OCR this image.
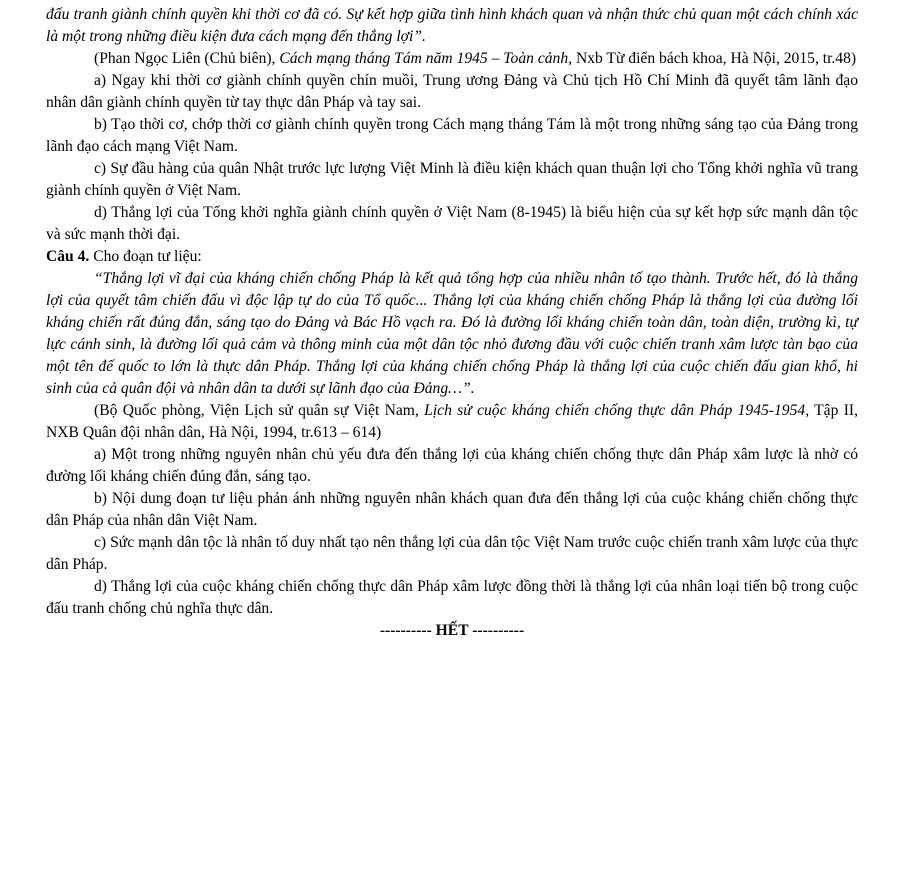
đấu tranh giành chính quyền khi thời cơ đã có. Sự kết hợp giữa tình hình khách quan và nhận thức chủ quan một cách chính xác là một trong những điều kiện đưa cách mạng đến thắng lợi”.

(Phan Ngọc Liên (Chủ biên), Cách mạng tháng Tám năm 1945 – Toàn cảnh, Nxb Từ điển bách khoa, Hà Nội, 2015, tr.48)

a) Ngay khi thời cơ giành chính quyền chín muồi, Trung ương Đảng và Chủ tịch Hồ Chí Minh đã quyết tâm lãnh đạo nhân dân giành chính quyền từ tay thực dân Pháp và tay sai.

b) Tạo thời cơ, chớp thời cơ giành chính quyền trong Cách mạng tháng Tám là một trong những sáng tạo của Đảng trong lãnh đạo cách mạng Việt Nam.

c) Sự đầu hàng của quân Nhật trước lực lượng Việt Minh là điều kiện khách quan thuận lợi cho Tổng khởi nghĩa vũ trang giành chính quyền ở Việt Nam.

d) Thắng lợi của Tổng khởi nghĩa giành chính quyền ở Việt Nam (8-1945) là biểu hiện của sự kết hợp sức mạnh dân tộc và sức mạnh thời đại.

Câu 4. Cho đoạn tư liệu:

“Thắng lợi vĩ đại của kháng chiến chống Pháp là kết quả tổng hợp của nhiều nhân tố tạo thành. Trước hết, đó là thắng lợi của quyết tâm chiến đấu vì độc lập tự do của Tổ quốc... Thắng lợi của kháng chiến chống Pháp là thắng lợi của đường lối kháng chiến rất đúng đắn, sáng tạo do Đảng và Bác Hồ vạch ra. Đó là đường lối kháng chiến toàn dân, toàn diện, trường kì, tự lực cánh sinh, là đường lối quả cảm và thông minh của một dân tộc nhỏ đương đầu với cuộc chiến tranh xâm lược tàn bạo của một tên đế quốc to lớn là thực dân Pháp. Thắng lợi của kháng chiến chống Pháp là thắng lợi của cuộc chiến đấu gian khổ, hi sinh của cả quân đội và nhân dân ta dưới sự lãnh đạo của Đảng…”.

(Bộ Quốc phòng, Viện Lịch sử quân sự Việt Nam, Lịch sử cuộc kháng chiến chống thực dân Pháp 1945-1954, Tập II, NXB Quân đội nhân dân, Hà Nội, 1994, tr.613 – 614)

a) Một trong những nguyên nhân chủ yếu đưa đến thắng lợi của kháng chiến chống thực dân Pháp xâm lược là nhờ có đường lối kháng chiến đúng đắn, sáng tạo.

b) Nội dung đoạn tư liệu phản ánh những nguyên nhân khách quan đưa đến thắng lợi của cuộc kháng chiến chống thực dân Pháp của nhân dân Việt Nam.

c) Sức mạnh dân tộc là nhân tố duy nhất tạo nên thắng lợi của dân tộc Việt Nam trước cuộc chiến tranh xâm lược của thực dân Pháp.

d) Thắng lợi của cuộc kháng chiến chống thực dân Pháp xâm lược đồng thời là thắng lợi của nhân loại tiến bộ trong cuộc đấu tranh chống chủ nghĩa thực dân.

---------- HẾT ----------
